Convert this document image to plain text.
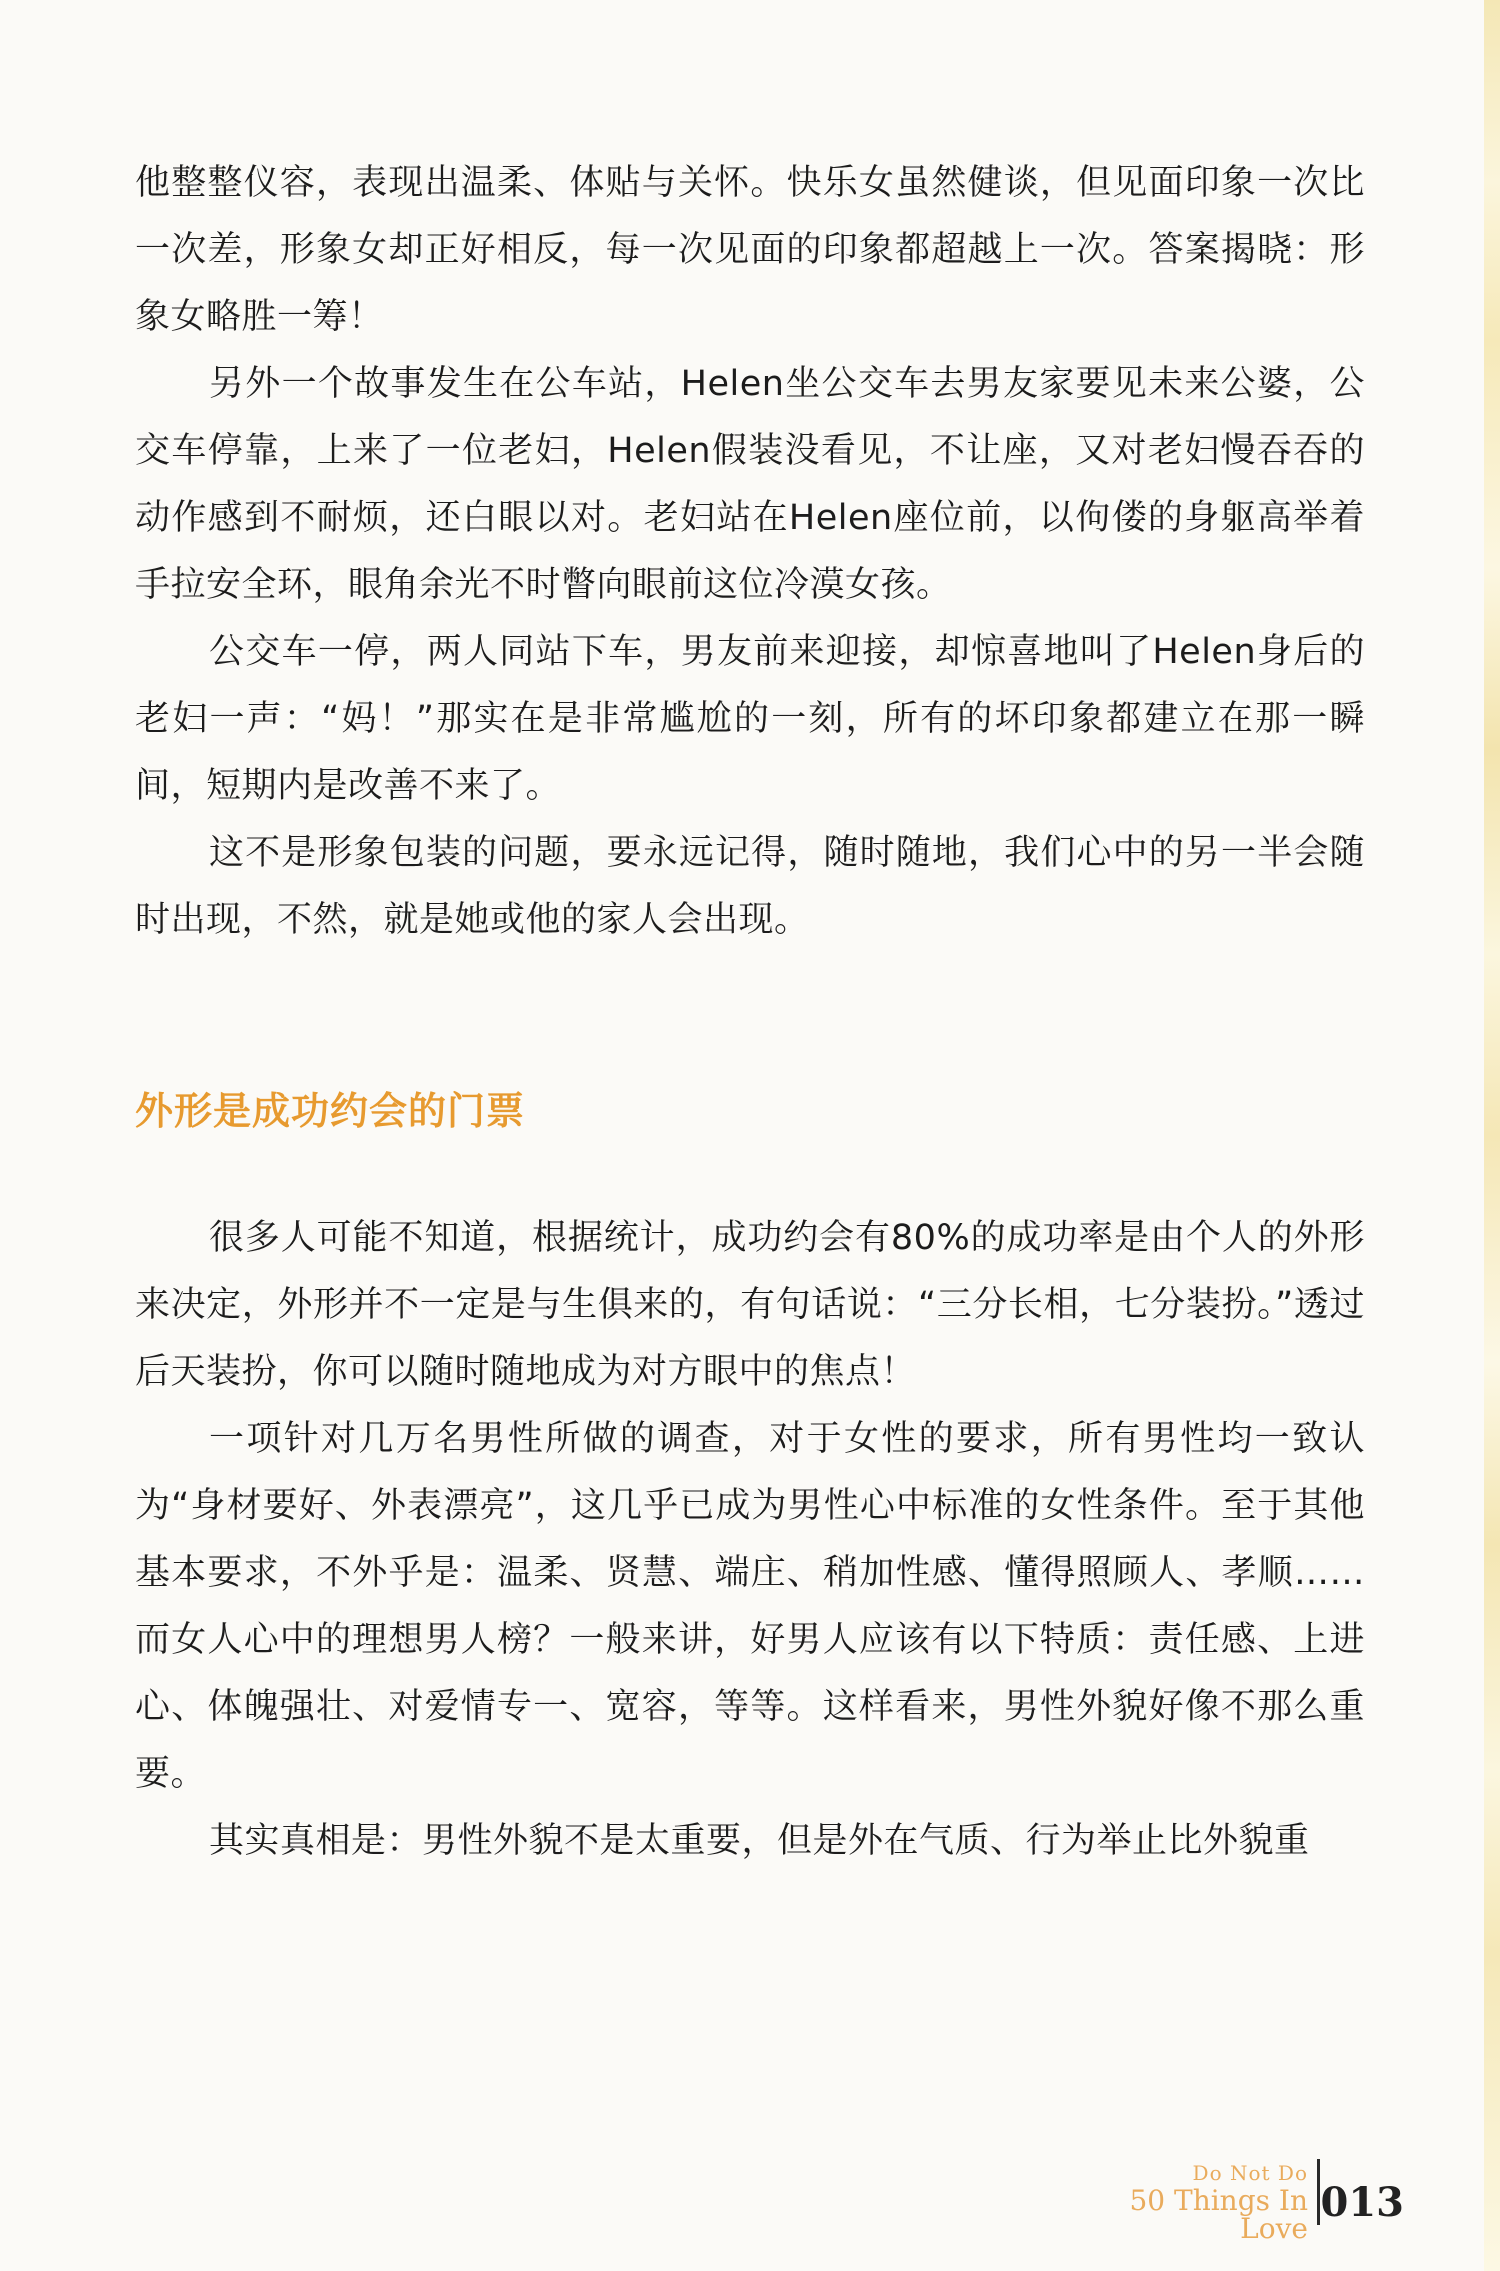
他整整仪容，表现出温柔、体贴与关怀。快乐女虽然健谈，但见面印象一次比一次差，形象女却正好相反，每一次见面的印象都超越上一次。答案揭晓：形象女略胜一筹！

另外一个故事发生在公车站，Helen坐公交车去男友家要见未来公婆，公交车停靠，上来了一位老妇，Helen假装没看见，不让座，又对老妇慢吞吞的动作感到不耐烦，还白眼以对。老妇站在Helen座位前，以佝偻的身躯高举着手拉安全环，眼角余光不时瞥向眼前这位冷漠女孩。

公交车一停，两人同站下车，男友前来迎接，却惊喜地叫了Helen身后的老妇一声：“妈！”那实在是非常尴尬的一刻，所有的坏印象都建立在那一瞬间，短期内是改善不来了。

这不是形象包装的问题，要永远记得，随时随地，我们心中的另一半会随时出现，不然，就是她或他的家人会出现。

外形是成功约会的门票

很多人可能不知道，根据统计，成功约会有80%的成功率是由个人的外形来决定，外形并不一定是与生俱来的，有句话说：“三分长相，七分装扮。”透过后天装扮，你可以随时随地成为对方眼中的焦点！

一项针对几万名男性所做的调查，对于女性的要求，所有男性均一致认为“身材要好、外表漂亮”，这几乎已成为男性心中标准的女性条件。至于其他基本要求，不外乎是：温柔、贤慧、端庄、稍加性感、懂得照顾人、孝顺……而女人心中的理想男人榜？一般来讲，好男人应该有以下特质：责任感、上进心、体魄强壮、对爱情专一、宽容，等等。这样看来，男性外貌好像不那么重要。

其实真相是：男性外貌不是太重要，但是外在气质、行为举止比外貌重

Do Not Do
50 Things In Love
013
